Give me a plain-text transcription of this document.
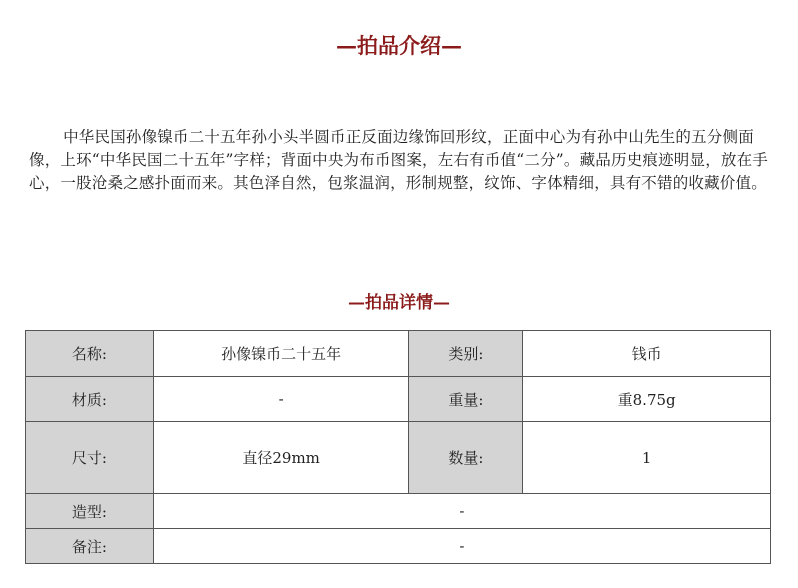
—拍品介绍—

中华民国孙像镍币二十五年孙小头半圆币正反面边缘饰回形纹，正面中心为有孙中山先生的五分侧面像，上环“中华民国二十五年”字样；背面中央为布币图案，左右有币值“二分”。藏品历史痕迹明显，放在手心，一股沧桑之感扑面而来。其色泽自然，包浆温润，形制规整，纹饰、字体精细，具有不错的收藏价值。

—拍品详情—
名称:	孙像镍币二十五年	类别:	钱币
材质:	-	重量:	重8.75g
尺寸:	直径29mm	数量:	1
造型:	-		
备注:	-		
